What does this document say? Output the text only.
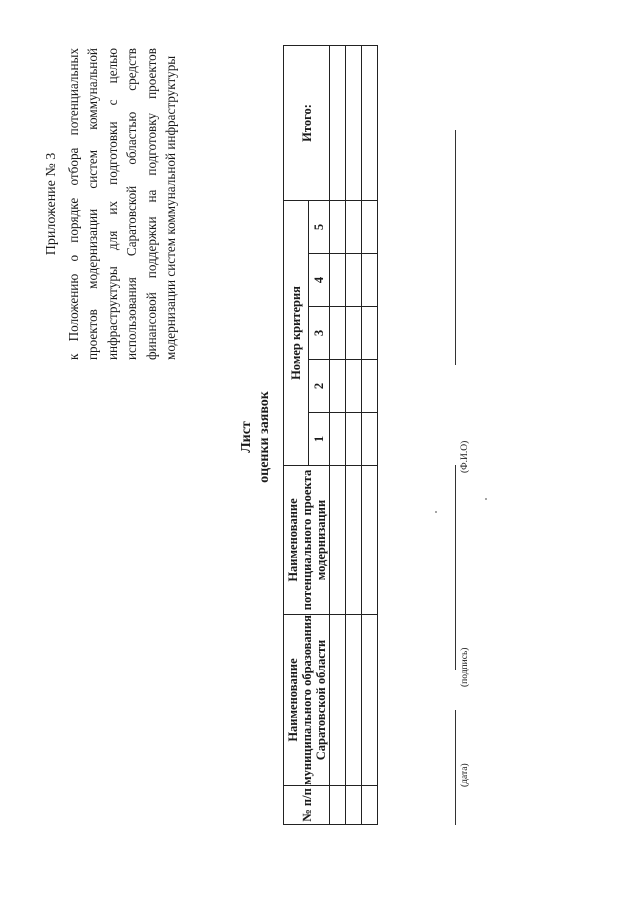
Приложение № 3 к Положению о порядке отбора потенциальных проектов модернизации систем коммунальной инфраструктуры для их подготовки с целью использования Саратовской областью средств финансовой поддержки на подготовку проектов модернизации систем коммунальной инфраструктуры
Лист оценки заявок
№ п/п	Наименование муниципального образования Саратовской области	Наименование потенциального проекта модернизации	Номер критерия					Итого:
			1	2	3	4	5	

(дата)
(подпись)
(Ф.И.О)
